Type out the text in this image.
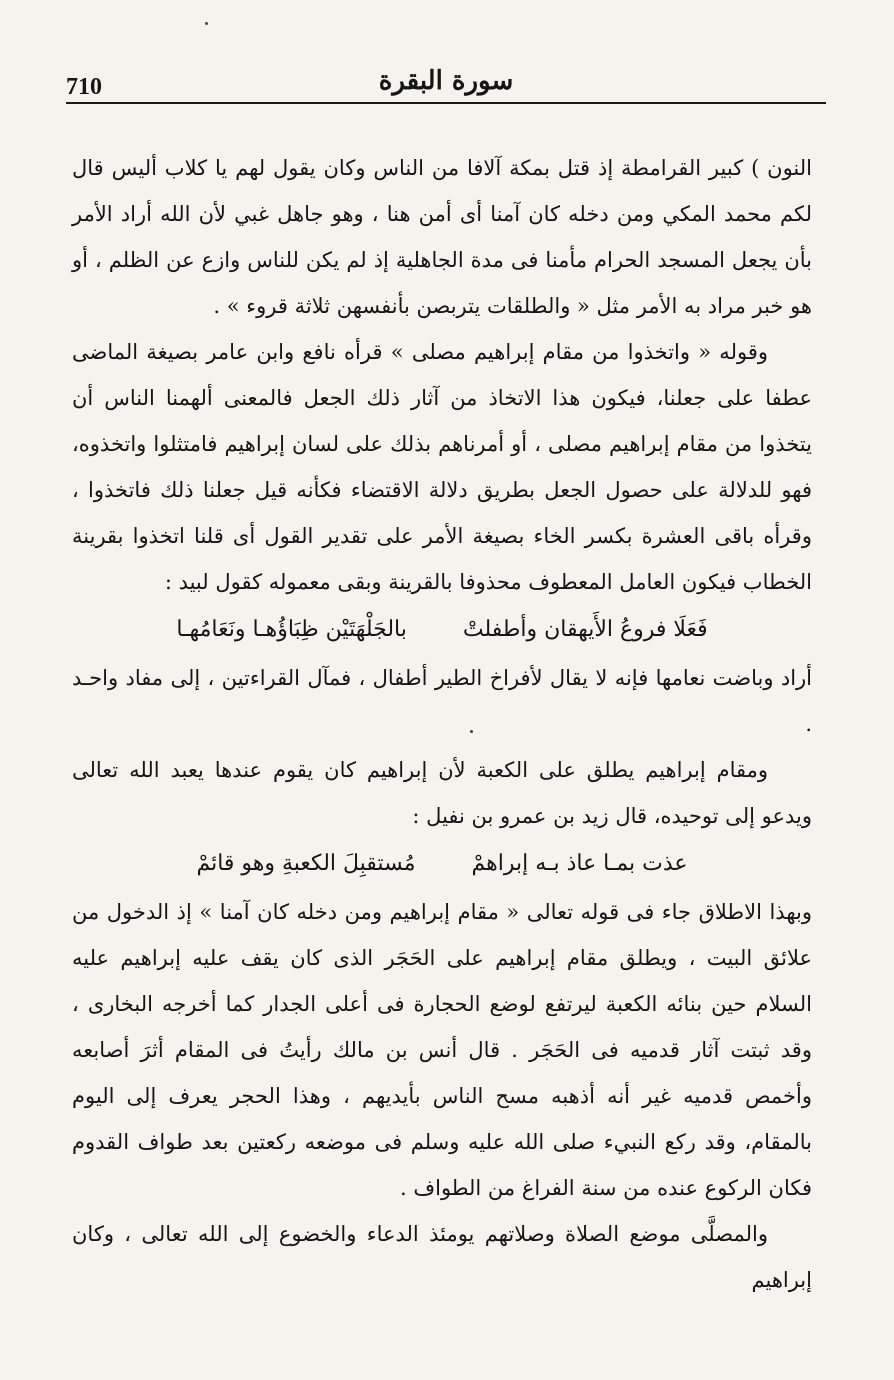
710	سورة البقرة

النون ) كبير القرامطة إذ قتل بمكة آلافا من الناس وكان يقول لهم يا كلاب أليس قال لكم محمد المكي ومن دخله كان آمنا أى أمن هنا ، وهو جاهل غبي لأن الله أراد الأمر بأن يجعل المسجد الحرام مأمنا فى مدة الجاهلية إذ لم يكن للناس وازع عن الظلم ، أو هو خبر مراد به الأمر مثل « والطلقات يتربصن بأنفسهن ثلاثة قروء » .

وقوله « واتخذوا من مقام إبراهيم مصلى » قرأه نافع وابن عامر بصيغة الماضى عطفا على جعلنا، فيكون هذا الاتخاذ من آثار ذلك الجعل فالمعنى ألهمنا الناس أن يتخذوا من مقام إبراهيم مصلى ، أو أمرناهم بذلك على لسان إبراهيم فامتثلوا واتخذوه، فهو للدلالة على حصول الجعل بطريق دلالة الاقتضاء فكأنه قيل جعلنا ذلك فاتخذوا ، وقرأه باقى العشرة بكسر الخاء بصيغة الأمر على تقدير القول أى قلنا اتخذوا بقرينة الخطاب فيكون العامل المعطوف محذوفا بالقرينة وبقى معموله كقول لبيد :

فَعَلَا فروعُ الأَيهقان وأطفلتْ
بالجَلْهَتَيْن ظِبَاؤُهـا ونَعَامُهـا

أراد وباضت نعامها فإنه لا يقال لأفراخ الطير أطفال ، فمآل القراءتين ، إلى مفاد واحـد .

ومقام إبراهيم يطلق على الكعبة لأن إبراهيم كان يقوم عندها يعبد الله تعالى ويدعو إلى توحيده، قال زيد بن عمرو بن نفيل :

عذت بمـا عاذ بـه إبراهمْ
مُستقبِلَ الكعبةِ وهو قائمْ

وبهذا الاطلاق جاء فى قوله تعالى « مقام إبراهيم ومن دخله كان آمنا » إذ الدخول من علائق البيت ، ويطلق مقام إبراهيم على الحَجَر الذى كان يقف عليه إبراهيم عليه السلام حين بنائه الكعبة ليرتفع لوضع الحجارة فى أعلى الجدار كما أخرجه البخارى ، وقد ثبتت آثار قدميه فى الحَجَر . قال أنس بن مالك رأيتُ فى المقام أثرَ أصابعه وأخمص قدميه غير أنه أذهبه مسح الناس بأيديهم ، وهذا الحجر يعرف إلى اليوم بالمقام، وقد ركع النبيء صلى الله عليه وسلم فى موضعه ركعتين بعد طواف القدوم فكان الركوع عنده من سنة الفراغ من الطواف .

والمصلَّى موضع الصلاة وصلاتهم يومئذ الدعاء والخضوع إلى الله تعالى ، وكان إبراهيم
